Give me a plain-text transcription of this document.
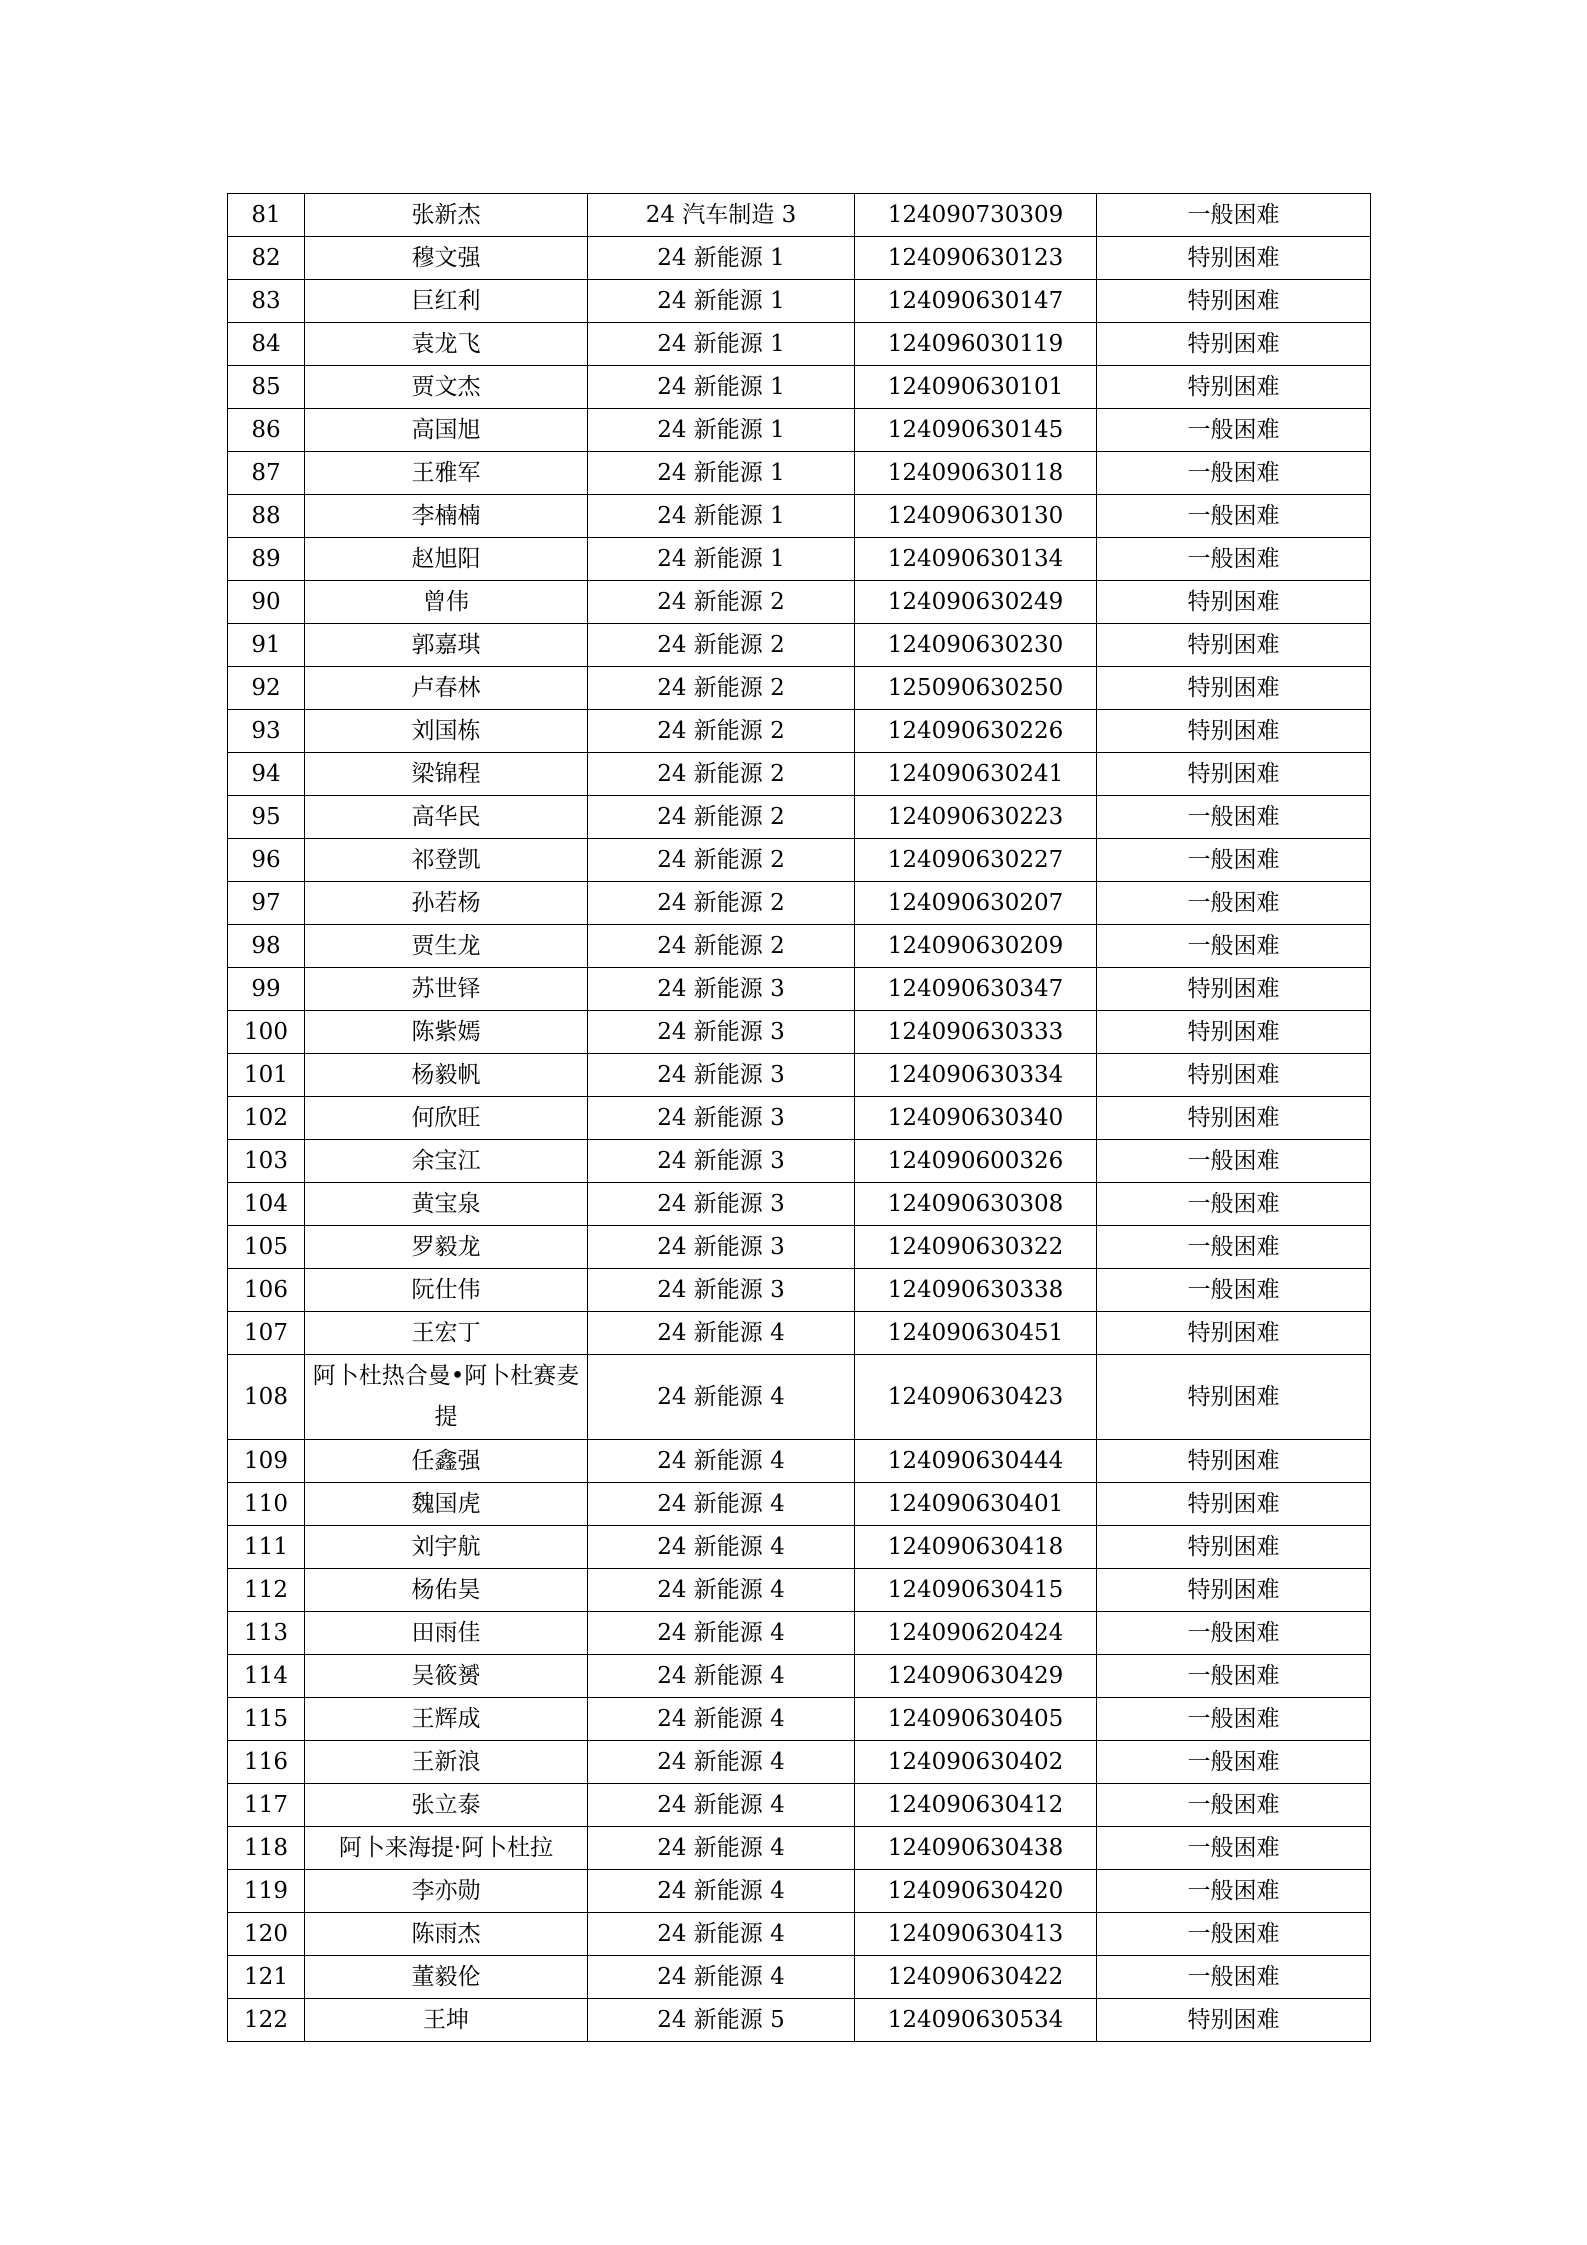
81	张新杰	24 汽车制造 3	124090730309	一般困难
82	穆文强	24 新能源 1	124090630123	特别困难
83	巨红利	24 新能源 1	124090630147	特别困难
84	袁龙飞	24 新能源 1	124096030119	特别困难
85	贾文杰	24 新能源 1	124090630101	特别困难
86	高国旭	24 新能源 1	124090630145	一般困难
87	王雅军	24 新能源 1	124090630118	一般困难
88	李楠楠	24 新能源 1	124090630130	一般困难
89	赵旭阳	24 新能源 1	124090630134	一般困难
90	曾伟	24 新能源 2	124090630249	特别困难
91	郭嘉琪	24 新能源 2	124090630230	特别困难
92	卢春林	24 新能源 2	125090630250	特别困难
93	刘国栋	24 新能源 2	124090630226	特别困难
94	梁锦程	24 新能源 2	124090630241	特别困难
95	高华民	24 新能源 2	124090630223	一般困难
96	祁登凯	24 新能源 2	124090630227	一般困难
97	孙若杨	24 新能源 2	124090630207	一般困难
98	贾生龙	24 新能源 2	124090630209	一般困难
99	苏世铎	24 新能源 3	124090630347	特别困难
100	陈紫嫣	24 新能源 3	124090630333	特别困难
101	杨毅帆	24 新能源 3	124090630334	特别困难
102	何欣旺	24 新能源 3	124090630340	特别困难
103	余宝江	24 新能源 3	124090600326	一般困难
104	黄宝泉	24 新能源 3	124090630308	一般困难
105	罗毅龙	24 新能源 3	124090630322	一般困难
106	阮仕伟	24 新能源 3	124090630338	一般困难
107	王宏丁	24 新能源 4	124090630451	特别困难
108	阿卜杜热合曼•阿卜杜赛麦提	24 新能源 4	124090630423	特别困难
109	任鑫强	24 新能源 4	124090630444	特别困难
110	魏国虎	24 新能源 4	124090630401	特别困难
111	刘宇航	24 新能源 4	124090630418	特别困难
112	杨佑昊	24 新能源 4	124090630415	特别困难
113	田雨佳	24 新能源 4	124090620424	一般困难
114	吴筱赟	24 新能源 4	124090630429	一般困难
115	王辉成	24 新能源 4	124090630405	一般困难
116	王新浪	24 新能源 4	124090630402	一般困难
117	张立泰	24 新能源 4	124090630412	一般困难
118	阿卜来海提·阿卜杜拉	24 新能源 4	124090630438	一般困难
119	李亦勋	24 新能源 4	124090630420	一般困难
120	陈雨杰	24 新能源 4	124090630413	一般困难
121	董毅伦	24 新能源 4	124090630422	一般困难
122	王坤	24 新能源 5	124090630534	特别困难
